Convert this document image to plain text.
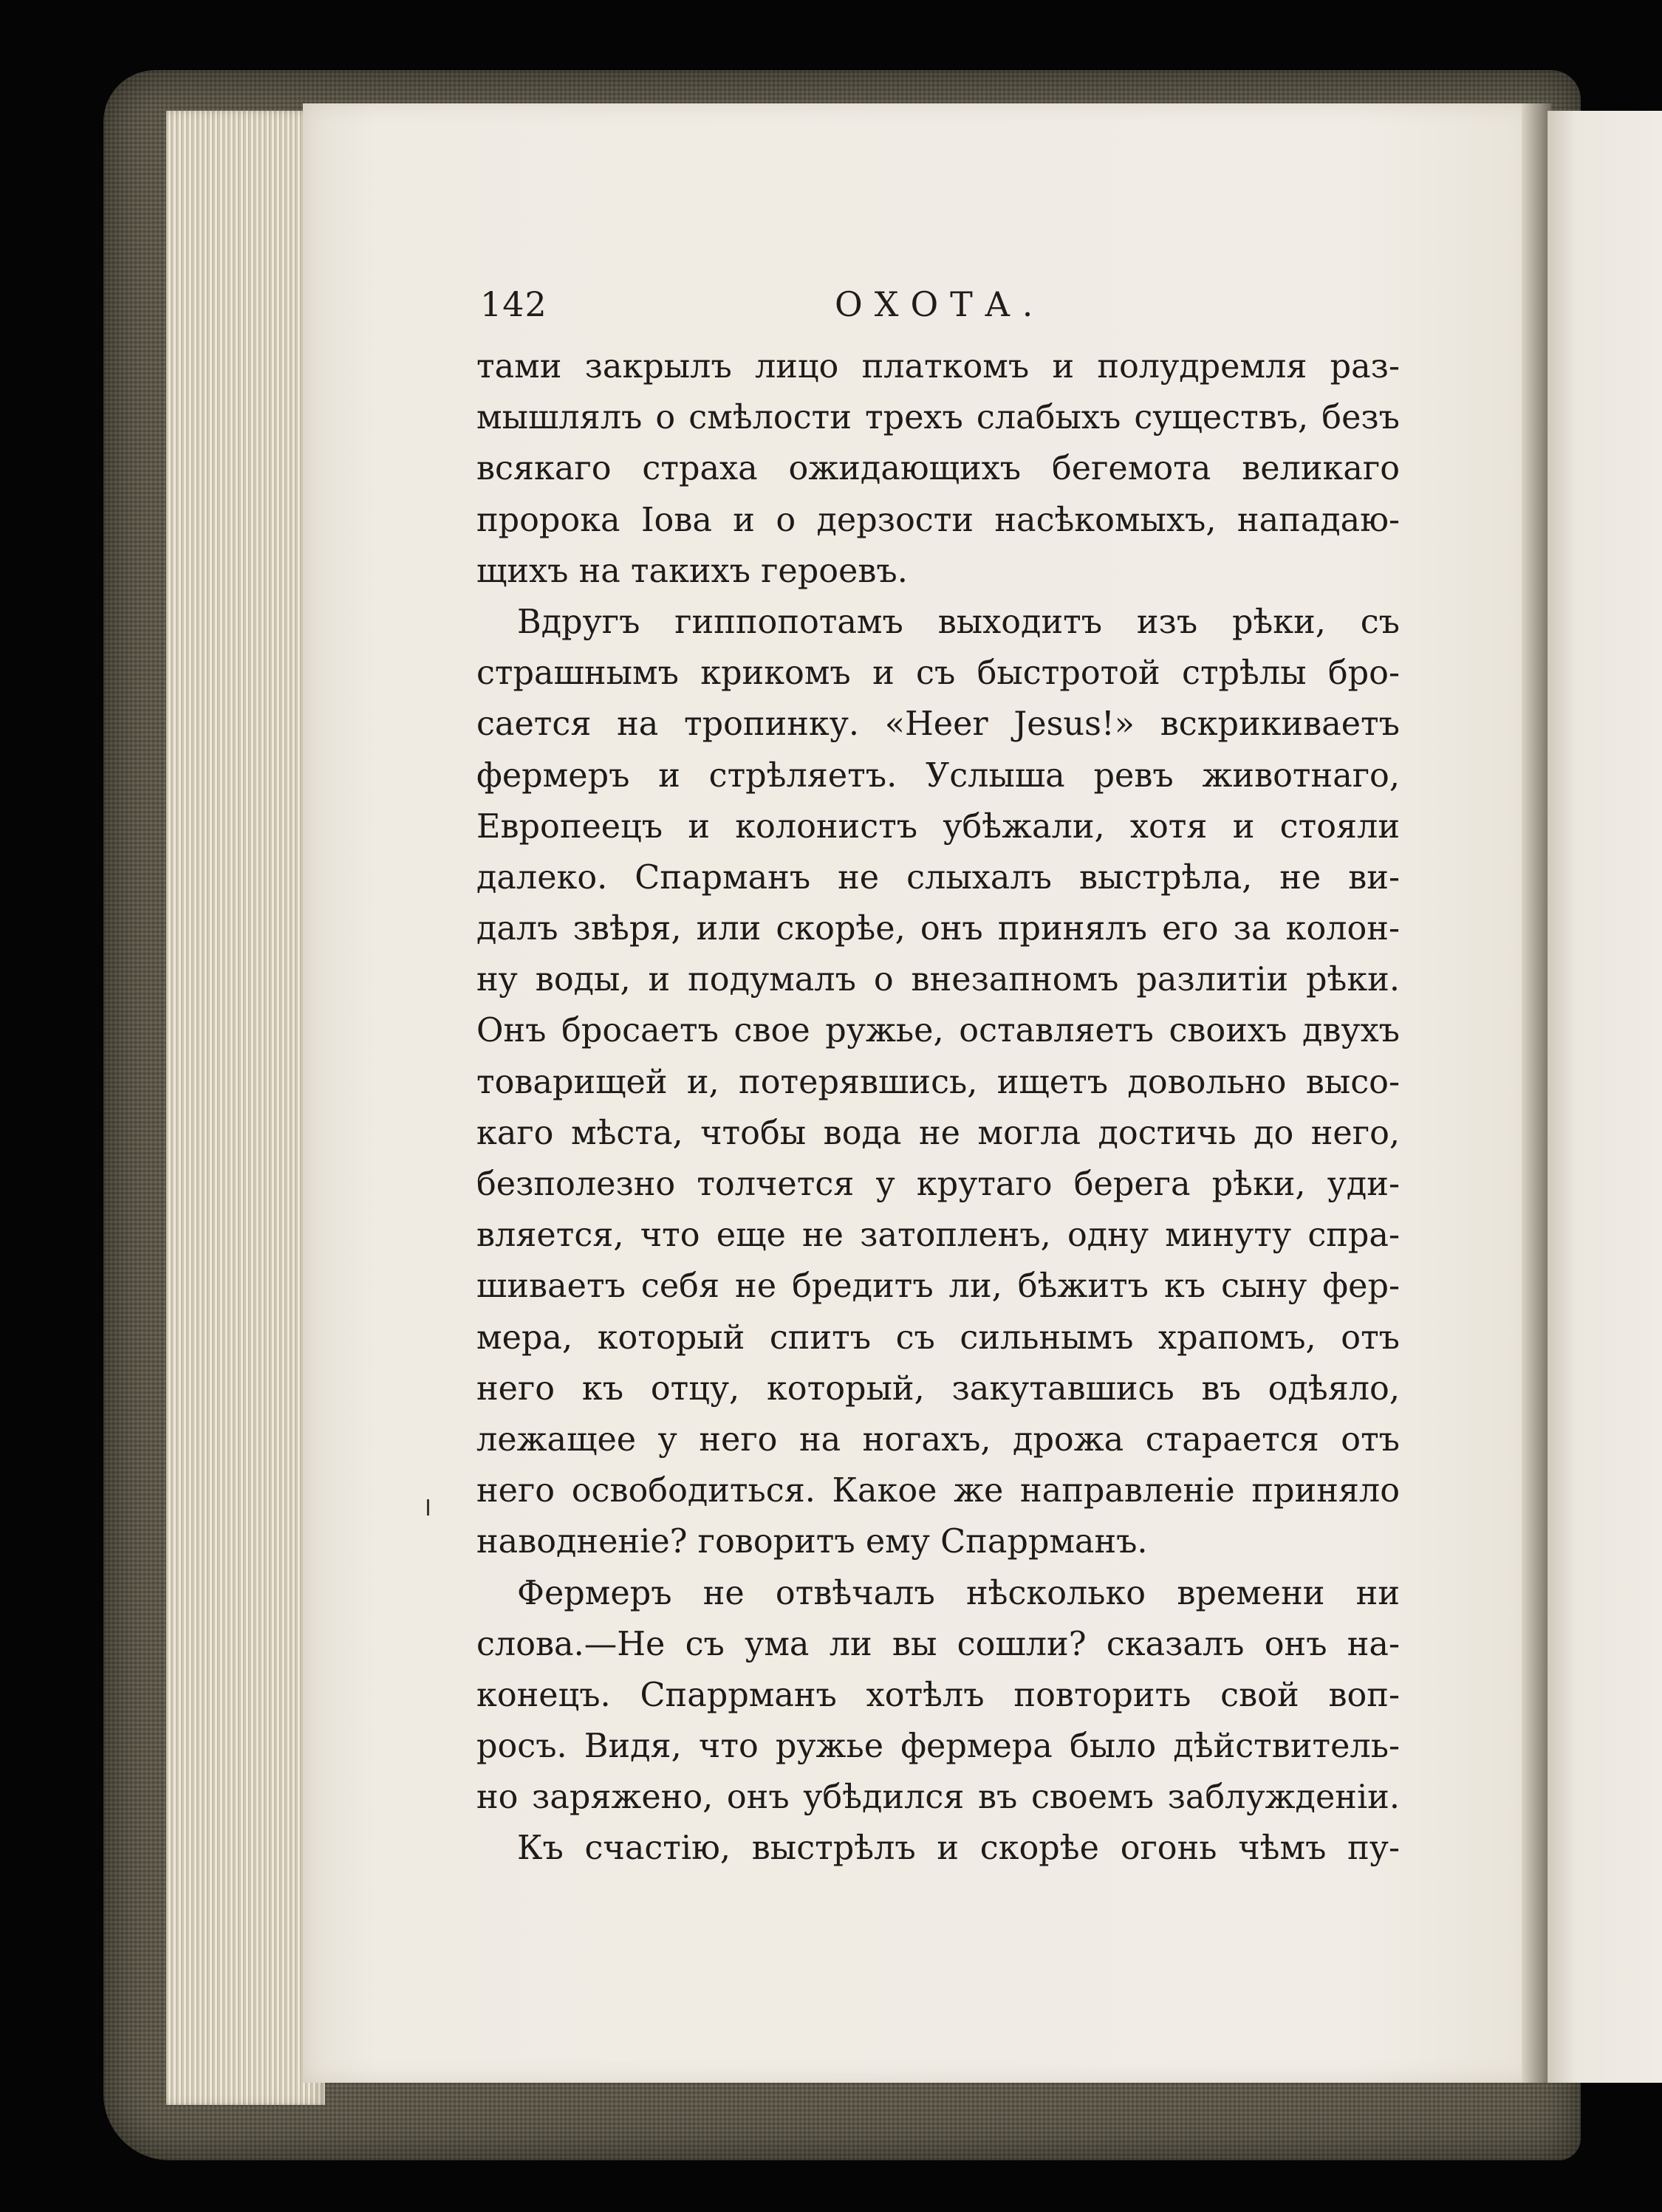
142	ОХОТА.
тами закрылъ лицо платкомъ и полудремля раз-
мышлялъ о смѣлости трехъ слабыхъ существъ, безъ
всякаго страха ожидающихъ бегемота великаго
пророка Іова и о дерзости насѣкомыхъ, нападаю-
щихъ на такихъ героевъ.
Вдругъ гиппопотамъ выходитъ изъ рѣки, съ
страшнымъ крикомъ и съ быстротой стрѣлы бро-
сается на тропинку. «Heer Jesus!» вскрикиваетъ
фермеръ и стрѣляетъ. Услыша ревъ животнаго,
Европеецъ и колонистъ убѣжали, хотя и стояли
далеко. Спарманъ не слыхалъ выстрѣла, не ви-
далъ звѣря, или скорѣе, онъ принялъ его за колон-
ну воды, и подумалъ о внезапномъ разлитіи рѣки.
Онъ бросаетъ свое ружье, оставляетъ своихъ двухъ
товарищей и, потерявшись, ищетъ довольно высо-
каго мѣста, чтобы вода не могла достичь до него,
безполезно толчется у крутаго берега рѣки, уди-
вляется, что еще не затопленъ, одну минуту спра-
шиваетъ себя не бредитъ ли, бѣжитъ къ сыну фер-
мера, который спитъ съ сильнымъ храпомъ, отъ
него къ отцу, который, закутавшись въ одѣяло,
лежащее у него на ногахъ, дрожа старается отъ
него освободиться. Какое же направленіе приняло
наводненіе? говоритъ ему Спаррманъ.
Фермеръ не отвѣчалъ нѣсколько времени ни
слова.—Не съ ума ли вы сошли? сказалъ онъ на-
конецъ. Спаррманъ хотѣлъ повторить свой воп-
росъ. Видя, что ружье фермера было дѣйствитель-
но заряжено, онъ убѣдился въ своемъ заблужденіи.
Къ счастію, выстрѣлъ и скорѣе огонь чѣмъ пу-
